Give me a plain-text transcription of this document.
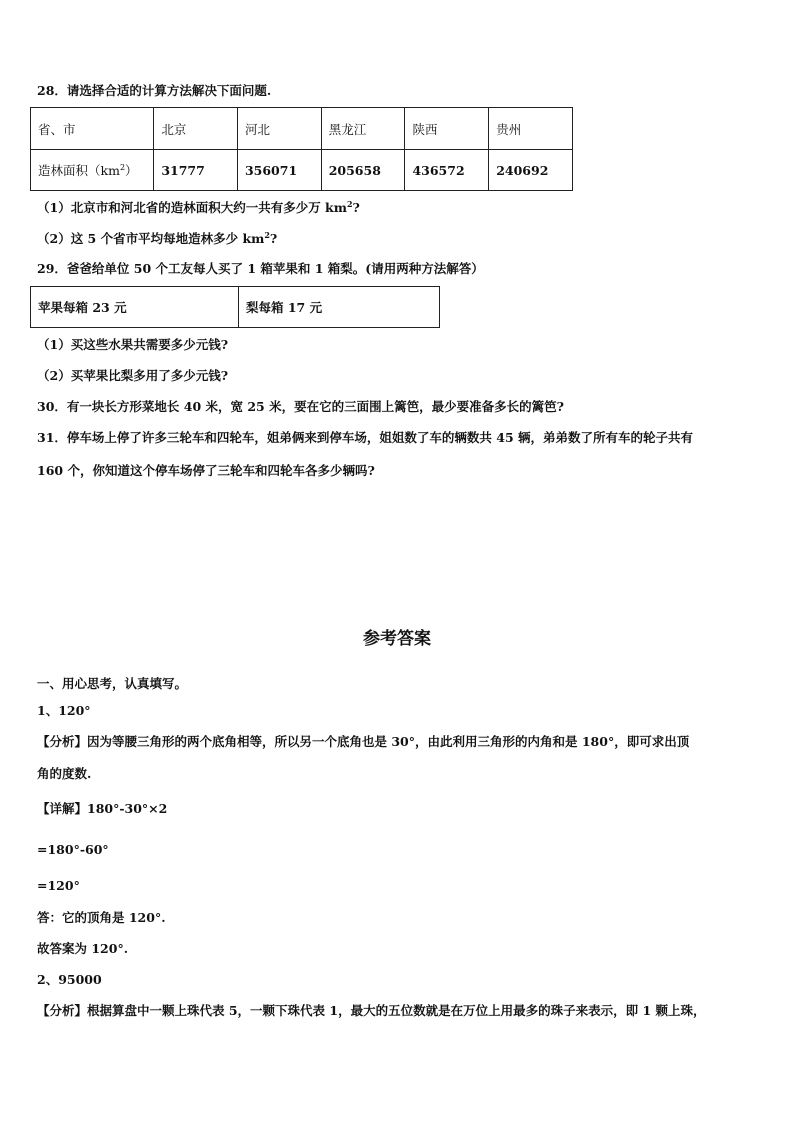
28．请选择合适的计算方法解决下面问题.
省、市	北京	河北	黑龙江	陕西	贵州
造林面积$(km^2)$	31777	356071	205658	436572	240692
（1）北京市和河北省的造林面积大约一共有多少万 $km^2$?
（2）这 5 个省市平均每地造林多少 $km^2$?
29．爸爸给单位 50 个工友每人买了 1 箱苹果和 1 箱梨。(请用两种方法解答）
苹果每箱 23 元	梨每箱 17 元
（1）买这些水果共需要多少元钱?
（2）买苹果比梨多用了多少元钱?
30．有一块长方形菜地长 40 米，宽 25 米，要在它的三面围上篱笆，最少要准备多长的篱笆?
31．停车场上停了许多三轮车和四轮车，姐弟俩来到停车场，姐姐数了车的辆数共 45 辆，弟弟数了所有车的轮子共有
160 个，你知道这个停车场停了三轮车和四轮车各多少辆吗?
参考答案
一、用心思考，认真填写。
1、120°
【分析】因为等腰三角形的两个底角相等，所以另一个底角也是 30°，由此利用三角形的内角和是 180°，即可求出顶
角的度数.
【详解】180°-30°×2
=180°-60°
=120°
答：它的顶角是 120°.
故答案为 120°.
2、95000
【分析】根据算盘中一颗上珠代表 5，一颗下珠代表 1，最大的五位数就是在万位上用最多的珠子来表示，即 1 颗上珠，
